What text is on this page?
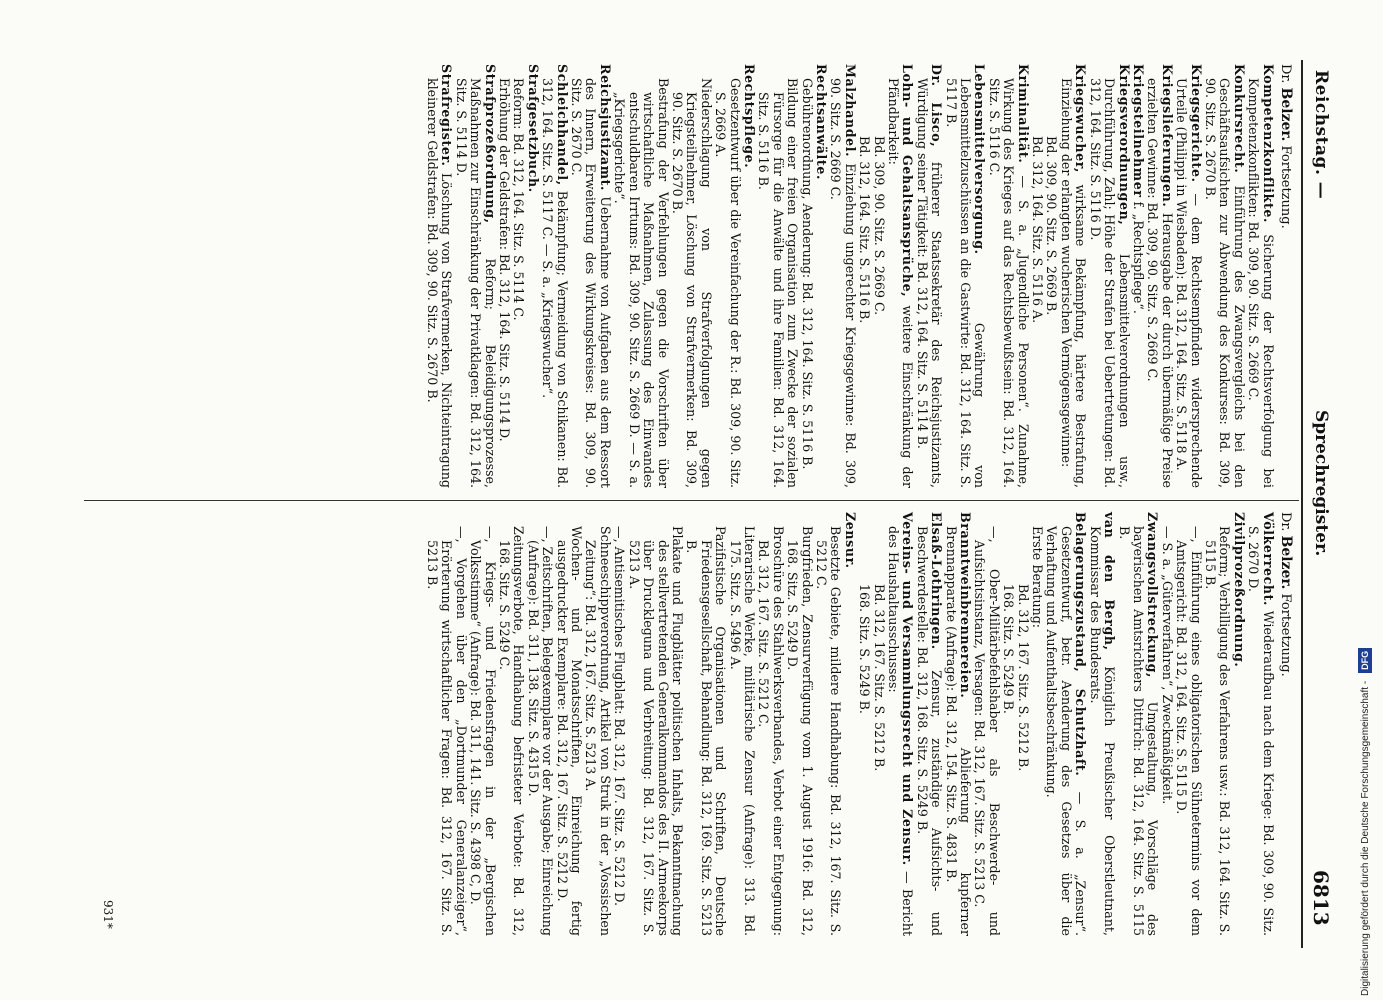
Reichstag. —
Sprechregister.
6813
Dr. Belzer. Fortsetzung.

Kompetenzkonflikte. Sicherung der Rechtsverfolgung bei Kompetenzkonflikten: Bd. 309, 90. Sitz. S. 2669 C.

Konkursrecht. Einführung des Zwangsvergleichs bei den Geschäftsaufsichten zur Abwendung des Konkurses: Bd. 309, 90. Sitz. S. 2670 B.

Kriegsgerichte. — dem Rechtsempfinden widersprechende Urteile (Philippi in Wiesbaden): Bd. 312, 164. Sitz. S. 5118 A.

Kriegslieferungen. Herausgabe der durch übermäßige Preise erzielten Gewinne: Bd. 309, 90. Sitz. S. 2669 C.

Kriegsteilnehmer f. „Rechtspflege“.

Kriegsverordnungen, Lebensmittelverordnungen usw., Durchführung, Zahl; Höhe der Strafen bei Uebertretungen: Bd. 312, 164. Sitz. S. 5116 D.

Kriegswucher, wirksame Bekämpfung, härtere Bestrafung, Einziehung der erlangten wucherischen Vermögensgewinne:

Bd. 309, 90. Sitz. S. 2669 B.

Bd. 312, 164. Sitz. S. 5116 A.

Kriminalität. — S. a. „Jugendliche Personen“. Zunahme, Wirkung des Krieges auf das Rechtsbewußtsein: Bd. 312, 164. Sitz. S. 5116 C.

Lebensmittelversorgung. Gewährung von Lebensmittelzuschüssen an die Gastwirte: Bd. 312, 164. Sitz. S. 5117 B.

Dr. Lisco, früherer Staatssekretär des Reichsjustizamts, Würdigung seiner Tätigkeit: Bd. 312, 164. Sitz. S. 5114 B.

Lohn- und Gehaltsansprüche, weitere Einschränkung der Pfändbarkeit:

Bd. 309, 90. Sitz. S. 2669 C.

Bd. 312, 164. Sitz. S. 5116 B.

Malzhandel. Einziehung ungerechter Kriegsgewinne: Bd. 309, 90. Sitz. S. 2669 C.

Rechtsanwälte.

Gebührenordnung, Aenderung: Bd. 312, 164. Sitz. S. 5116 B.

Bildung einer freien Organisation zum Zwecke der sozialen Fürsorge für die Anwälte und ihre Familien: Bd. 312, 164. Sitz. S. 5116 B.

Rechtspflege.

Gesetzentwurf über die Vereinfachung der R.: Bd. 309, 90. Sitz. S. 2669 A.

Niederschlagung von Strafverfolgungen gegen Kriegsteilnehmer, Löschung von Strafvermerken: Bd. 309, 90. Sitz. S. 2670 B.

Bestrafung der Verfehlungen gegen die Vorschriften über wirtschaftliche Maßnahmen, Zulassung des Einwandes entschuldbaren Irrtums: Bd. 309, 90. Sitz. S. 2669 D. — S. a. „Kriegsgerichte“.

Reichsjustizamt. Uebernahme von Aufgaben aus dem Ressort des Innern, Erweiterung des Wirkungskreises: Bd. 309, 90. Sitz. S. 2670 C.

Schleichhandel, Bekämpfung; Vermeidung von Schikanen: Bd. 312, 164. Sitz. S. 5117 C. — S. a. „Kriegswucher“.

Strafgesetzbuch.

Reform: Bd. 312, 164. Sitz. S. 5114 C.

Erhöhung der Geldstrafen: Bd. 312, 164. Sitz. S. 5114 D.

Strafprozeßordnung, Reform; Beleidigungsprozesse, Maßnahmen zur Einschränkung der Privatklagen: Bd. 312, 164. Sitz. S. 5114 D.

Strafregister. Löschung von Strafvermerken, Nichteintragung kleinerer Geldstrafen: Bd. 309, 90. Sitz. S. 2670 B.

Dr. Belzer. Fortsetzung.

Völkerrecht. Wiederaufbau nach dem Kriege: Bd. 309, 90. Sitz. S. 2670 D.

Zivilprozeßordnung.

Reform; Verbilligung des Verfahrens usw.: Bd. 312, 164. Sitz. S. 5115 B.

—, Einführung eines obligatorischen Sühnetermins vor dem Amtsgericht: Bd. 312, 164. Sitz. S. 5115 D.

— S. a. „Güterverfahren“, Zweckmäßigkeit.

Zwangsvollstreckung, Umgestaltung, Vorschläge des bayerischen Amtsrichters Dittrich: Bd. 312, 164. Sitz. S. 5115 B.

van den Bergh, Königlich Preußischer Oberstleutnant, Kommissar des Bundesrats.

Belagerungszustand, Schutzhaft. — S. a. „Zensur“. Gesetzentwurf, betr. Aenderung des Gesetzes über die Verhaftung und Aufenthaltsbeschränkung.

Erste Beratung:

Bd. 312, 167. Sitz. S. 5212 B.

168. Sitz. S. 5249 B.

—, Ober-Militärbefehlshaber als Beschwerde- und Aufsichtsinstanz, Versagen: Bd. 312, 167. Sitz. S. 5213 C.

Branntweinbrennereien. Ablieferung kupferner Brennapparate (Anfrage): Bd. 312, 154. Sitz. S. 4831 B.

Elsaß-Lothringen. Zensur, zuständige Aufsichts- und Beschwerdestelle: Bd. 312, 168. Sitz. S. 5249 B.

Vereins- und Versammlungsrecht und Zensur. — Bericht des Haushaltausschusses:

Bd. 312, 167. Sitz. S. 5212 B.

168. Sitz. S. 5249 B.

Zensur.

Besetzte Gebiete, mildere Handhabung: Bd. 312, 167. Sitz. S. 5212 C.

Burgfrieden, Zensurverfügung vom 1. August 1916: Bd. 312, 168. Sitz. S. 5249 D.

Broschüre des Stahlwerksverbandes, Verbot einer Entgegnung: Bd. 312, 167. Sitz. S. 5212 C.

Literarische Werke, militärische Zensur (Anfrage): 313. Bd. 175. Sitz. S. 5496 A.

Pazifistische Organisationen und Schriften, Deutsche Friedensgesellschaft, Behandlung: Bd. 312, 169. Sitz. S. 5213 B.

Plakate und Flugblätter politischen Inhalts, Bekanntmachung des stellvertretenden Generalkommandos des II. Armeekorps über Druckleguna und Verbreitung: Bd. 312, 167. Sitz. S. 5213 A.

—, Antisemitisches Flugblatt: Bd. 312, 167. Sitz. S. 5212 D.

Schneeschippverordnung, Artikel von Struk in der „Vossischen Zeitung“: Bd. 312, 167. Sitz. S. 5213 A.

Wochen- und Monatsschriften, Einreichung fertig ausgedruckter Exemplare: Bd. 312, 167. Sitz. S. 5212 D.

—, Zeitschriften, Belegexemplare vor der Ausgabe; Einreichung (Anfrage): Bd. 311, 138. Sitz. S. 4315 D.

Zeitungsverbote, Handhabung befristeter Verbote: Bd. 312, 168. Sitz. S. 5249 C.

—, Kriegs- und Friedensfragen in der „Bergischen Volksstimme“ (Anfrage): Bd. 311, 141. Sitz. S. 4398 C, D.

—, Vorgehen über den „Dortmunder Generalanzeiger“, Erörterung wirtschaftlicher Fragen: Bd. 312, 167. Sitz. S. 5213 B.

931*	Digitalisierung gefördert durch die Deutsche Forschungsgemeinschaft -
DFG
